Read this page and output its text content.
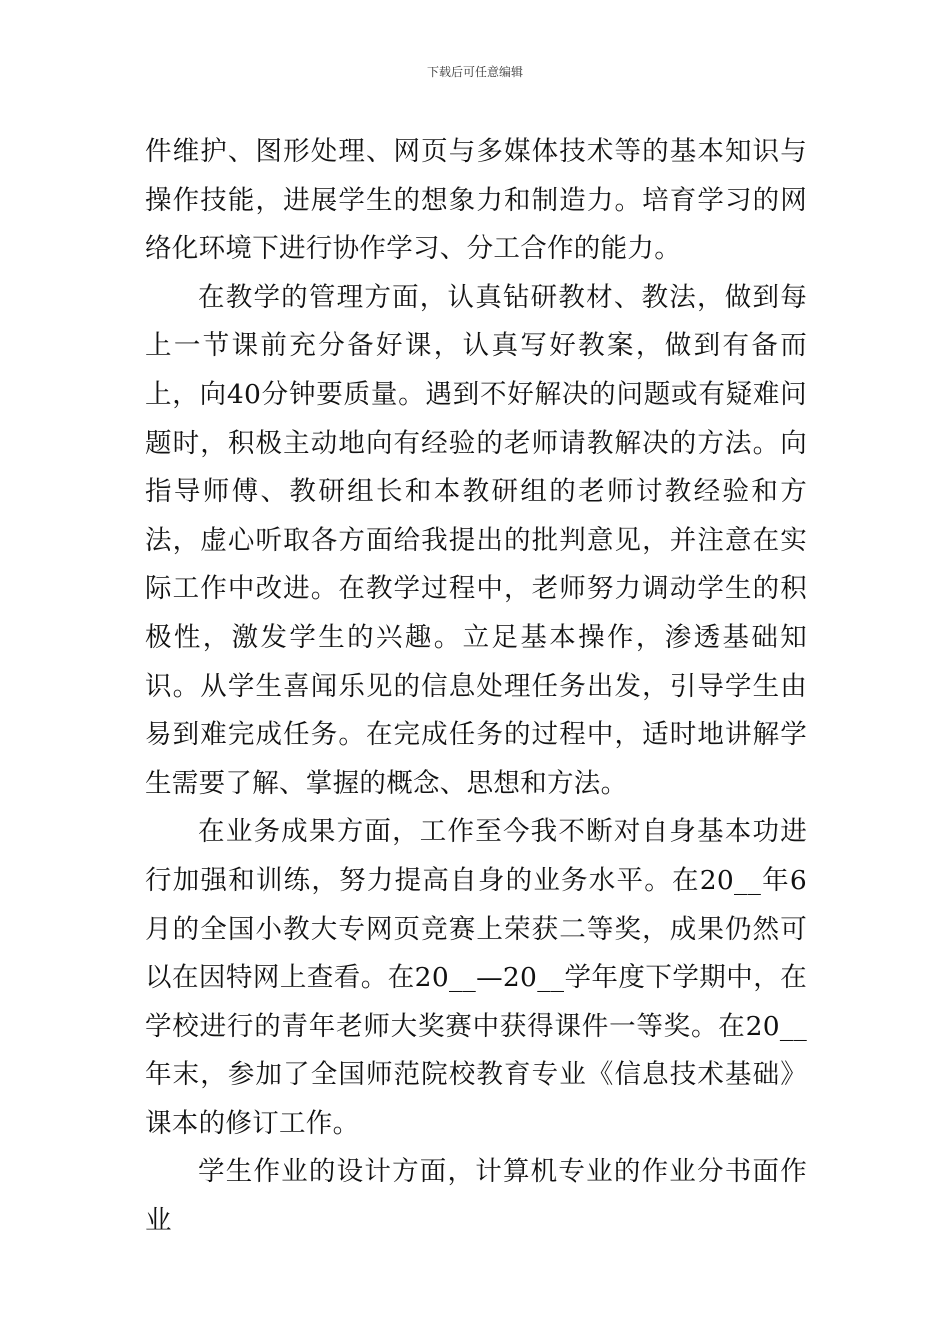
下载后可任意编辑

件维护、图形处理、网页与多媒体技术等的基本知识与操作技能，进展学生的想象力和制造力。培育学习的网络化环境下进行协作学习、分工合作的能力。

在教学的管理方面，认真钻研教材、教法，做到每上一节课前充分备好课，认真写好教案，做到有备而上，向40分钟要质量。遇到不好解决的问题或有疑难问题时，积极主动地向有经验的老师请教解决的方法。向指导师傅、教研组长和本教研组的老师讨教经验和方法，虚心听取各方面给我提出的批判意见，并注意在实际工作中改进。在教学过程中，老师努力调动学生的积极性，激发学生的兴趣。立足基本操作，渗透基础知识。从学生喜闻乐见的信息处理任务出发，引导学生由易到难完成任务。在完成任务的过程中，适时地讲解学生需要了解、掌握的概念、思想和方法。

在业务成果方面，工作至今我不断对自身基本功进行加强和训练，努力提高自身的业务水平。在20__年6月的全国小教大专网页竞赛上荣获二等奖，成果仍然可以在因特网上查看。在20__—20__学年度下学期中，在学校进行的青年老师大奖赛中获得课件一等奖。在20__年末，参加了全国师范院校教育专业《信息技术基础》课本的修订工作。

学生作业的设计方面，计算机专业的作业分书面作业
